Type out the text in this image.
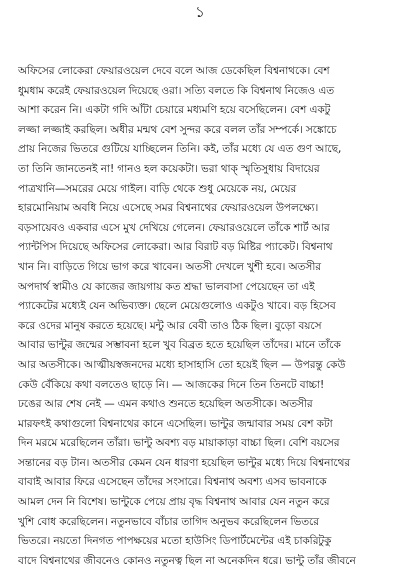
১
অফিসের লোকেরা ফেয়ারওয়েল দেবে বলে আজ ডেকেছিল বিশ্বনাথকে। বেশ
ধুমধাম করেই ফেয়ারওয়েল দিয়েছে ওরা। সত্যি বলতে কি বিশ্বনাথ নিজেও এত
আশা করেন নি। একটা গদি আঁটা চেয়ারে মধ্যমণি হয়ে বসেছিলেন। বেশ একটু
লজ্জা লজ্জাই করছিল। অধীর মন্মথ বেশ সুন্দর করে বলল তাঁর সম্পর্কে। সঙ্কোচে
প্রায় নিজের ভিতরে গুটিয়ে যাচ্ছিলেন তিনি। কই, তাঁর মধ্যে যে এত গুণ আছে,
তা তিনি জানতেনই না! গানও হল কয়েকটা। ভরা থাক্ স্মৃতিসুধায় বিদায়ের
পাত্রখানি—সমরের মেয়ে গাইল। বাড়ি থেকে শুধু মেয়েকে নয়, মেয়ের
হারমোনিয়াম অবধি নিয়ে এসেছে সমর বিশ্বনাথের ফেয়ারওয়েল উপলক্ষ্যে।
বড়সায়েবও একবার এসে মুখ দেখিয়ে গেলেন। ফেয়ারওয়েলে তাঁকে শার্ট আর
প্যান্টপিস দিয়েছে অফিসের লোকেরা। আর বিরাট বড় মিষ্টির প্যাকেট। বিশ্বনাথ
খান নি। বাড়িতে গিয়ে ভাগ করে খাবেন। অতসী দেখলে খুশী হবে। অতসীর
অপদার্থ স্বামীও যে কাজের জায়গায় কত শ্রদ্ধা ভালবাসা পেয়েছেন তা এই
প্যাকেটের মধ্যেই যেন অভিব্যক্ত। ছেলে মেয়েগুলোও একটুও খাবে। বড় হিসেব
করে ওদের মানুষ করতে হয়েছে। মন্টু আর বেবী তাও ঠিক ছিল। বুড়ো বয়সে
আবার ভান্টুর জন্মের সম্ভাবনা হলে খুব বিব্রত হতে হয়েছিল তাঁদের। মানে তাঁকে
আর অতসীকে। আত্মীয়স্বজনদের মধ্যে হাসাহাসি তো হয়েই ছিল — উপরন্তু কেউ
কেউ বেঁকিয়ে কথা বলতেও ছাড়ে নি। — আজকের দিনে তিন তিনটে বাচ্চা!
ঢঙের আর শেষ নেই — এমন কথাও শুনতে হয়েছিল অতসীকে। অতসীর
মারফৎই কথাগুলো বিশ্বনাথের কানে এসেছিল। ভান্টুর জন্মাবার সময় বেশ কটা
দিন মরমে মরেছিলেন তাঁরা। ভান্টু অবশ্য বড় মায়াকাড়া বাচ্চা ছিল। বেশি বয়সের
সন্তানের বড় টান। অতসীর কেমন যেন ধারণা হয়েছিল ভান্টুর মধ্যে দিয়ে বিশ্বনাথের
বাবাই আবার ফিরে এসেছেন তাঁদের সংসারে। বিশ্বনাথ অবশ্য এসব ভাবনাকে
আমল দেন নি বিশেষ। ভান্টুকে পেয়ে প্রায় বৃদ্ধ বিশ্বনাথ আবার যেন নতুন করে
খুশি বোধ করেছিলেন। নতুনভাবে বাঁচার তাগিদ অনুভব করেছিলেন ভিতরে
ভিতরে। নয়তো দিনগত পাপক্ষয়ের মতো হাউসিং ডিপার্টমেন্টের এই চাকরিটুকু
বাদে বিশ্বনাথের জীবনেও কোনও নতুনত্ব ছিল না অনেকদিন ধরে। ভান্টু তাঁর জীবনে
